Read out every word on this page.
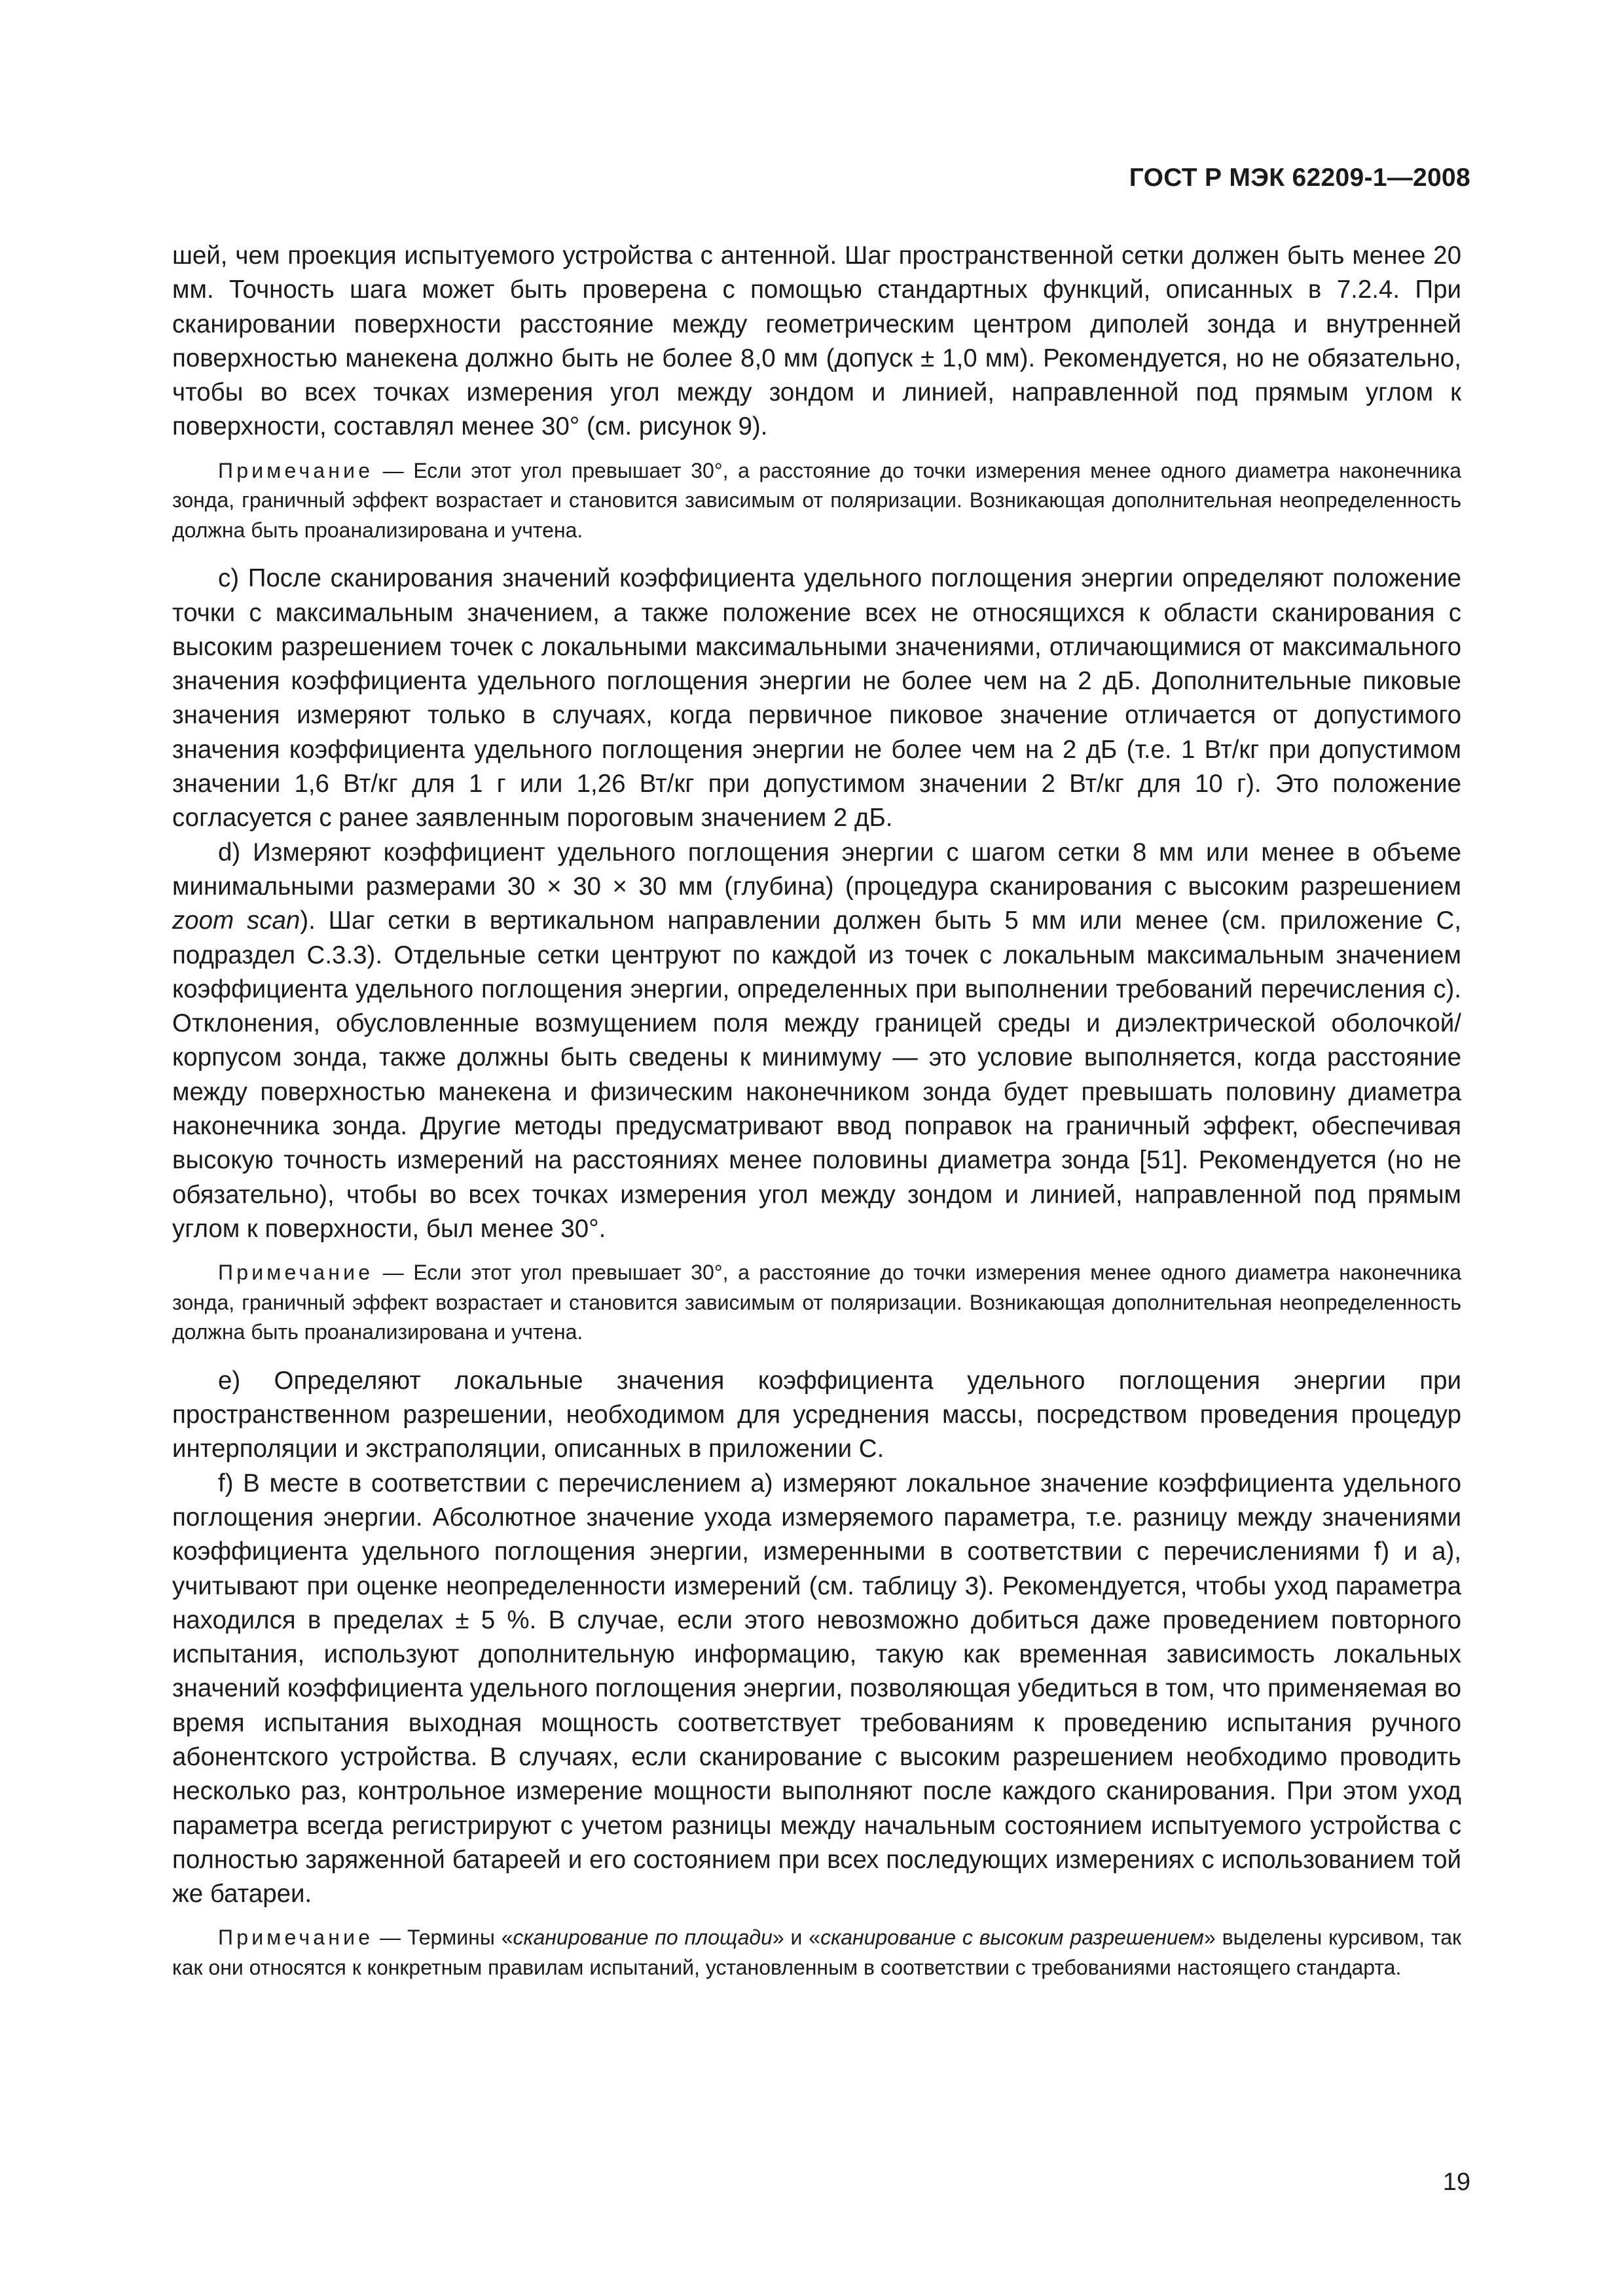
ГОСТ Р МЭК 62209-1—2008

шей, чем проекция испытуемого устройства с антенной. Шаг пространственной сетки должен быть менее 20 мм. Точность шага может быть проверена с помощью стандартных функций, описанных в 7.2.4. При сканировании поверхности расстояние между геометрическим центром диполей зонда и внутренней поверхностью манекена должно быть не более 8,0 мм (допуск ± 1,0 мм). Рекомендуется, но не обязательно, чтобы во всех точках измерения угол между зондом и линией, направленной под прямым углом к поверхности, составлял менее 30° (см. рисунок 9).

Примечание — Если этот угол превышает 30°, а расстояние до точки измерения менее одного диаметра наконечника зонда, граничный эффект возрастает и становится зависимым от поляризации. Возникающая дополнительная неопределенность должна быть проанализирована и учтена.

c) После сканирования значений коэффициента удельного поглощения энергии определяют положение точки с максимальным значением, а также положение всех не относящихся к области сканирования с высоким разрешением точек с локальными максимальными значениями, отличающимися от максимального значения коэффициента удельного поглощения энергии не более чем на 2 дБ. Дополнительные пиковые значения измеряют только в случаях, когда первичное пиковое значение отличается от допустимого значения коэффициента удельного поглощения энергии не более чем на 2 дБ (т.е. 1 Вт/кг при допустимом значении 1,6 Вт/кг для 1 г или 1,26 Вт/кг при допустимом значении 2 Вт/кг для 10 г). Это положение согласуется с ранее заявленным пороговым значением 2 дБ.

d) Измеряют коэффициент удельного поглощения энергии с шагом сетки 8 мм или менее в объеме минимальными размерами 30 × 30 × 30 мм (глубина) (процедура сканирования с высоким разрешением zoom scan). Шаг сетки в вертикальном направлении должен быть 5 мм или менее (см. приложение С, подраздел С.3.3). Отдельные сетки центруют по каждой из точек с локальным максимальным значением коэффициента удельного поглощения энергии, определенных при выполнении требований перечисления с). Отклонения, обусловленные возмущением поля между границей среды и диэлектрической оболочкой/корпусом зонда, также должны быть сведены к минимуму — это условие выполняется, когда расстояние между поверхностью манекена и физическим наконечником зонда будет превышать половину диаметра наконечника зонда. Другие методы предусматривают ввод поправок на граничный эффект, обеспечивая высокую точность измерений на расстояниях менее половины диаметра зонда [51]. Рекомендуется (но не обязательно), чтобы во всех точках измерения угол между зондом и линией, направленной под прямым углом к поверхности, был менее 30°.

Примечание — Если этот угол превышает 30°, а расстояние до точки измерения менее одного диаметра наконечника зонда, граничный эффект возрастает и становится зависимым от поляризации. Возникающая дополнительная неопределенность должна быть проанализирована и учтена.

e) Определяют локальные значения коэффициента удельного поглощения энергии при пространственном разрешении, необходимом для усреднения массы, посредством проведения процедур интерполяции и экстраполяции, описанных в приложении С.

f) В месте в соответствии с перечислением а) измеряют локальное значение коэффициента удельного поглощения энергии. Абсолютное значение ухода измеряемого параметра, т.е. разницу между значениями коэффициента удельного поглощения энергии, измеренными в соответствии с перечислениями f) и а), учитывают при оценке неопределенности измерений (см. таблицу 3). Рекомендуется, чтобы уход параметра находился в пределах ± 5 %. В случае, если этого невозможно добиться даже проведением повторного испытания, используют дополнительную информацию, такую как временная зависимость локальных значений коэффициента удельного поглощения энергии, позволяющая убедиться в том, что применяемая во время испытания выходная мощность соответствует требованиям к проведению испытания ручного абонентского устройства. В случаях, если сканирование с высоким разрешением необходимо проводить несколько раз, контрольное измерение мощности выполняют после каждого сканирования. При этом уход параметра всегда регистрируют с учетом разницы между начальным состоянием испытуемого устройства с полностью заряженной батареей и его состоянием при всех последующих измерениях с использованием той же батареи.

Примечание — Термины «сканирование по площади» и «сканирование с высоким разрешением» выделены курсивом, так как они относятся к конкретным правилам испытаний, установленным в соответствии с требованиями настоящего стандарта.

19
